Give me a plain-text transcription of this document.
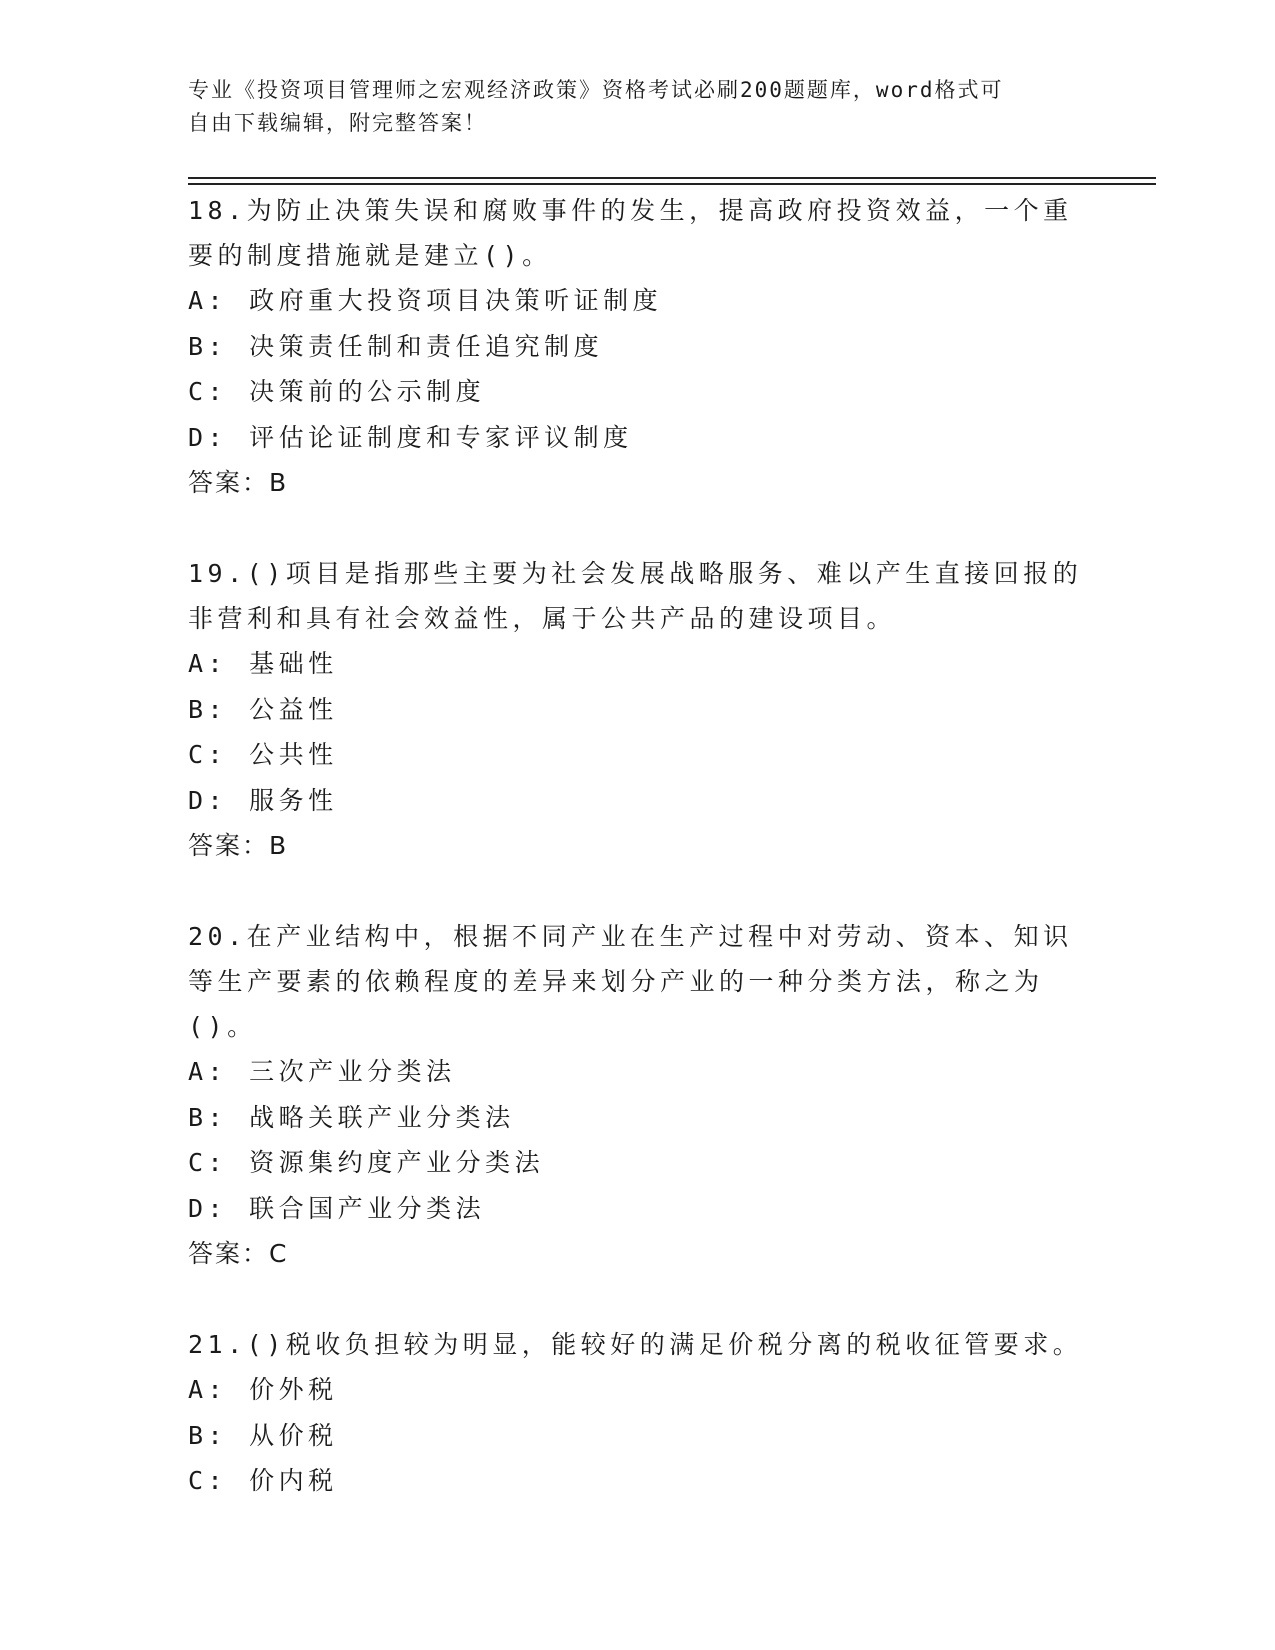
专业《投资项目管理师之宏观经济政策》资格考试必刷200题题库，word格式可
自由下载编辑，附完整答案！
18.为防止决策失误和腐败事件的发生，提高政府投资效益，一个重要的制度措施就是建立()。
A: 政府重大投资项目决策听证制度
B: 决策责任制和责任追究制度
C: 决策前的公示制度
D: 评估论证制度和专家评议制度
答案：B
19.()项目是指那些主要为社会发展战略服务、难以产生直接回报的非营利和具有社会效益性，属于公共产品的建设项目。
A: 基础性
B: 公益性
C: 公共性
D: 服务性
答案：B
20.在产业结构中，根据不同产业在生产过程中对劳动、资本、知识等生产要素的依赖程度的差异来划分产业的一种分类方法，称之为()。
A: 三次产业分类法
B: 战略关联产业分类法
C: 资源集约度产业分类法
D: 联合国产业分类法
答案：C
21.()税收负担较为明显，能较好的满足价税分离的税收征管要求。
A: 价外税
B: 从价税
C: 价内税
